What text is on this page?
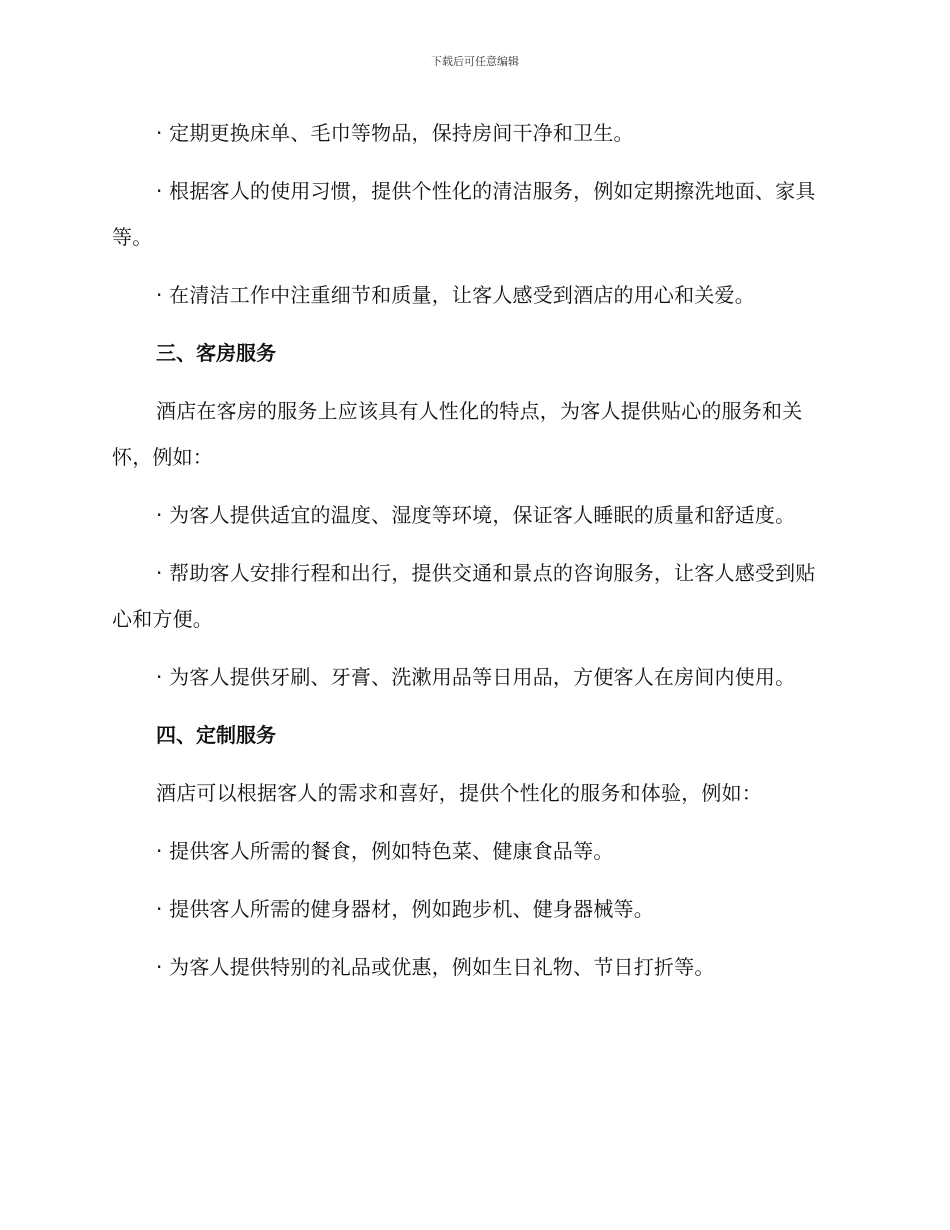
下载后可任意编辑

· 定期更换床单、毛巾等物品，保持房间干净和卫生。

· 根据客人的使用习惯，提供个性化的清洁服务，例如定期擦洗地面、家具等。

· 在清洁工作中注重细节和质量，让客人感受到酒店的用心和关爱。

三、客房服务

酒店在客房的服务上应该具有人性化的特点，为客人提供贴心的服务和关怀，例如：

· 为客人提供适宜的温度、湿度等环境，保证客人睡眠的质量和舒适度。

· 帮助客人安排行程和出行，提供交通和景点的咨询服务，让客人感受到贴心和方便。

· 为客人提供牙刷、牙膏、洗漱用品等日用品，方便客人在房间内使用。

四、定制服务

酒店可以根据客人的需求和喜好，提供个性化的服务和体验，例如：

· 提供客人所需的餐食，例如特色菜、健康食品等。

· 提供客人所需的健身器材，例如跑步机、健身器械等。

· 为客人提供特别的礼品或优惠，例如生日礼物、节日打折等。
